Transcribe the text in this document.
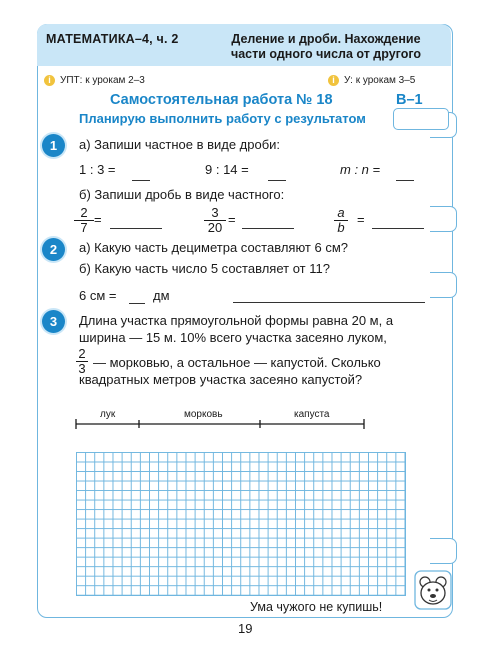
МАТЕМАТИКА–4, ч. 2	Деление и дроби. Нахождение
части одного числа от другого
i УПТ: к урокам 2–3	i У: к урокам 3–5
Самостоятельная работа № 18	В–1
Планирую выполнить работу с результатом
1	а) Запиши частное в виде дроби:
1 : 3 =	9 : 14 =	m : n =
б) Запиши дробь в виде частного:
$\frac{2}{7}$ =	$\frac{3}{20}$ =	$\frac{a}{b}$ =
2	а) Какую часть дециметра составляют 6 см?
б) Какую часть число 5 составляет от 11?
6 см =	дм
3	Длина участка прямоугольной формы равна 20 м, а
ширина — 15 м. 10% всего участка засеяно луком,
$\frac{2}{3}$ — морковью, а остальное — капустой. Сколько
квадратных метров участка засеяно капустой?
лук	морковь	капуста
Ума чужого не купишь!
19
